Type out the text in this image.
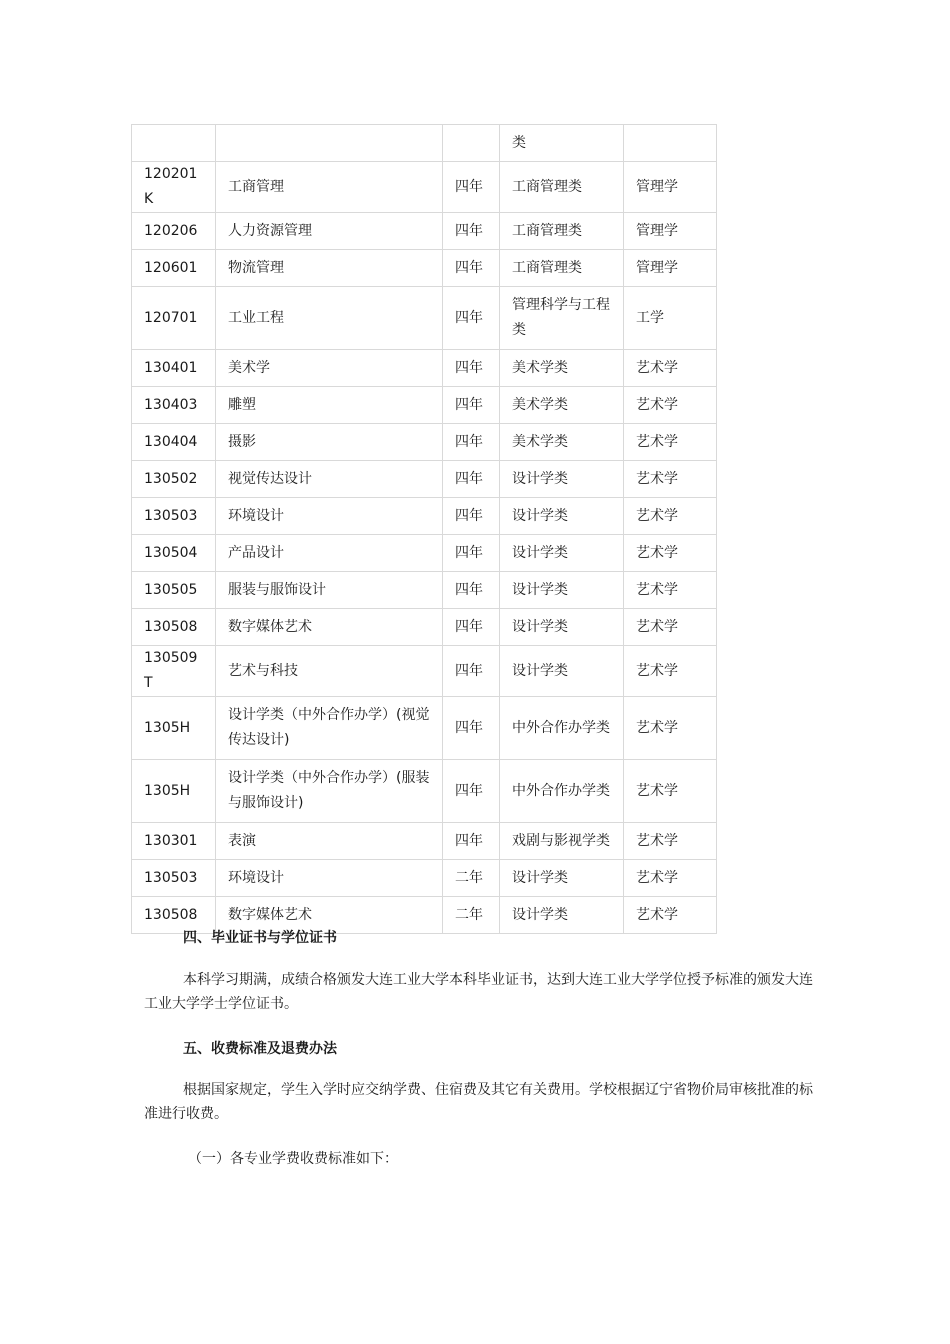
			类	
120201K	工商管理	四年	工商管理类	管理学
120206	人力资源管理	四年	工商管理类	管理学
120601	物流管理	四年	工商管理类	管理学
120701	工业工程	四年	管理科学与工程类	工学
130401	美术学	四年	美术学类	艺术学
130403	雕塑	四年	美术学类	艺术学
130404	摄影	四年	美术学类	艺术学
130502	视觉传达设计	四年	设计学类	艺术学
130503	环境设计	四年	设计学类	艺术学
130504	产品设计	四年	设计学类	艺术学
130505	服装与服饰设计	四年	设计学类	艺术学
130508	数字媒体艺术	四年	设计学类	艺术学
130509T	艺术与科技	四年	设计学类	艺术学
1305H	设计学类（中外合作办学）(视觉传达设计)	四年	中外合作办学类	艺术学
1305H	设计学类（中外合作办学）(服装与服饰设计)	四年	中外合作办学类	艺术学
130301	表演	四年	戏剧与影视学类	艺术学
130503	环境设计	二年	设计学类	艺术学
130508	数字媒体艺术	二年	设计学类	艺术学
四、毕业证书与学位证书
本科学习期满，成绩合格颁发大连工业大学本科毕业证书，达到大连工业大学学位授予标准的颁发大连工业大学学士学位证书。
五、收费标准及退费办法
根据国家规定，学生入学时应交纳学费、住宿费及其它有关费用。学校根据辽宁省物价局审核批准的标准进行收费。
（一）各专业学费收费标准如下：
